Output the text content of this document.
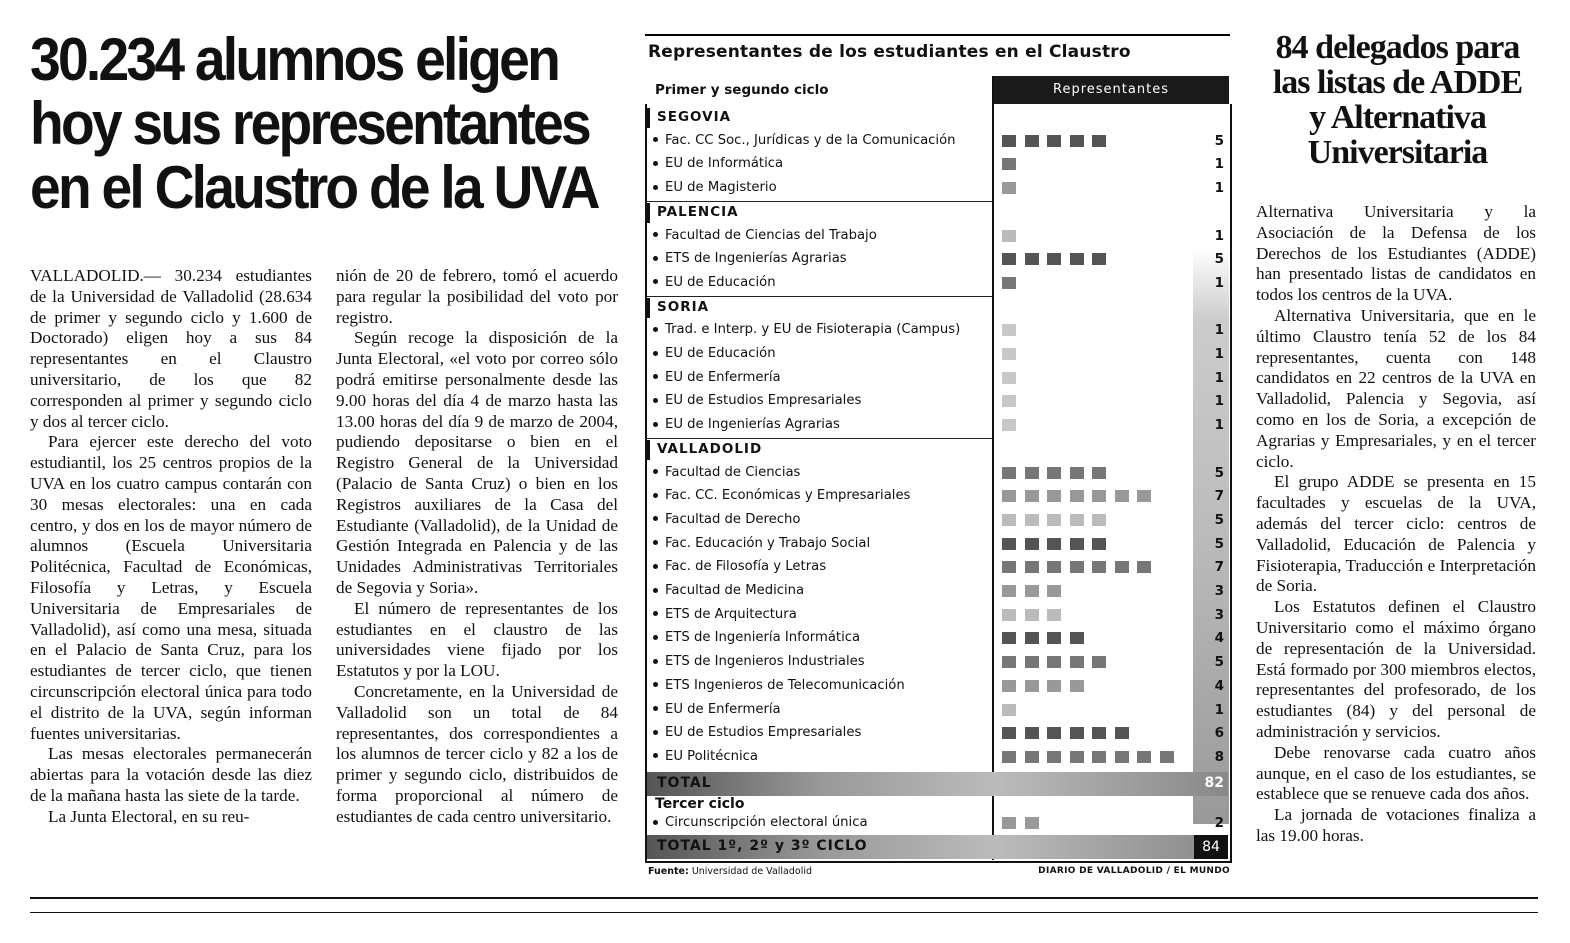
30.234 alumnos eligen
hoy sus representantes
en el Claustro de la UVA

VALLADOLID.— 30.234 estudiantes de la Universidad de Valladolid (28.634 de primer y segundo ciclo y 1.600 de Doctorado) eligen hoy a sus 84 representantes en el Claustro universitario, de los que 82 corresponden al primer y segundo ciclo y dos al tercer ciclo.

Para ejercer este derecho del voto estudiantil, los 25 centros propios de la UVA en los cuatro campus contarán con 30 mesas electorales: una en cada centro, y dos en los de mayor número de alumnos (Escuela Universitaria Politécnica, Facultad de Económicas, Filosofía y Letras, y Escuela Universitaria de Empresariales de Valladolid), así como una mesa, situada en el Palacio de Santa Cruz, para los estudiantes de tercer ciclo, que tienen circunscripción electoral única para todo el distrito de la UVA, según informan fuentes universitarias.

Las mesas electorales permanecerán abiertas para la votación desde las diez de la mañana hasta las siete de la tarde.

La Junta Electoral, en su reu-

nión de 20 de febrero, tomó el acuerdo para regular la posibilidad del voto por registro.

Según recoge la disposición de la Junta Electoral, «el voto por correo sólo podrá emitirse personalmente desde las 9.00 horas del día 4 de marzo hasta las 13.00 horas del día 9 de marzo de 2004, pudiendo depositarse o bien en el Registro General de la Universidad (Palacio de Santa Cruz) o bien en los Registros auxiliares de la Casa del Estudiante (Valladolid), de la Unidad de Gestión Integrada en Palencia y de las Unidades Administrativas Territoriales de Segovia y Soria».

El número de representantes de los estudiantes en el claustro de las universidades viene fijado por los Estatutos y por la LOU.

Concretamente, en la Universidad de Valladolid son un total de 84 representantes, dos correspondientes a los alumnos de tercer ciclo y 82 a los de primer y segundo ciclo, distribuidos de forma proporcional al número de estudiantes de cada centro universitario.

Representantes de los estudiantes en el Claustro
Primer y segundo ciclo	Representantes
SEGOVIA
Fac. CC Soc., Jurídicas y de la Comunicación	5
EU de Informática	1
EU de Magisterio	1
PALENCIA
Facultad de Ciencias del Trabajo	1
ETS de Ingenierías Agrarias	5
EU de Educación	1
SORIA
Trad. e Interp. y EU de Fisioterapia (Campus)	1
EU de Educación	1
EU de Enfermería	1
EU de Estudios Empresariales	1
EU de Ingenierías Agrarias	1
VALLADOLID
Facultad de Ciencias	5
Fac. CC. Económicas y Empresariales	7
Facultad de Derecho	5
Fac. Educación y Trabajo Social	5
Fac. de Filosofía y Letras	7
Facultad de Medicina	3
ETS de Arquitectura	3
ETS de Ingeniería Informática	4
ETS de Ingenieros Industriales	5
ETS Ingenieros de Telecomunicación	4
EU de Enfermería	1
EU de Estudios Empresariales	6
EU Politécnica	8
TOTAL	82
Circunscripción electoral única	2
TOTAL 1º, 2º y 3º CICLO	84
Tercer ciclo
Fuente: Universidad de Valladolid	DIARIO DE VALLADOLID / EL MUNDO
84 delegados para
las listas de ADDE
y Alternativa
Universitaria

Alternativa Universitaria y la Asociación de la Defensa de los Derechos de los Estudiantes (ADDE) han presentado listas de candidatos en todos los centros de la UVA.

Alternativa Universitaria, que en le último Claustro tenía 52 de los 84 representantes, cuenta con 148 candidatos en 22 centros de la UVA en Valladolid, Palencia y Segovia, así como en los de Soria, a excepción de Agrarias y Empresariales, y en el tercer ciclo.

El grupo ADDE se presenta en 15 facultades y escuelas de la UVA, además del tercer ciclo: centros de Valladolid, Educación de Palencia y Fisioterapia, Traducción e Interpretación de Soria.

Los Estatutos definen el Claustro Universitario como el máximo órgano de representación de la Universidad. Está formado por 300 miembros electos, representantes del profesorado, de los estudiantes (84) y del personal de administración y servicios.

Debe renovarse cada cuatro años aunque, en el caso de los estudiantes, se establece que se renueve cada dos años.

La jornada de votaciones finaliza a las 19.00 horas.
